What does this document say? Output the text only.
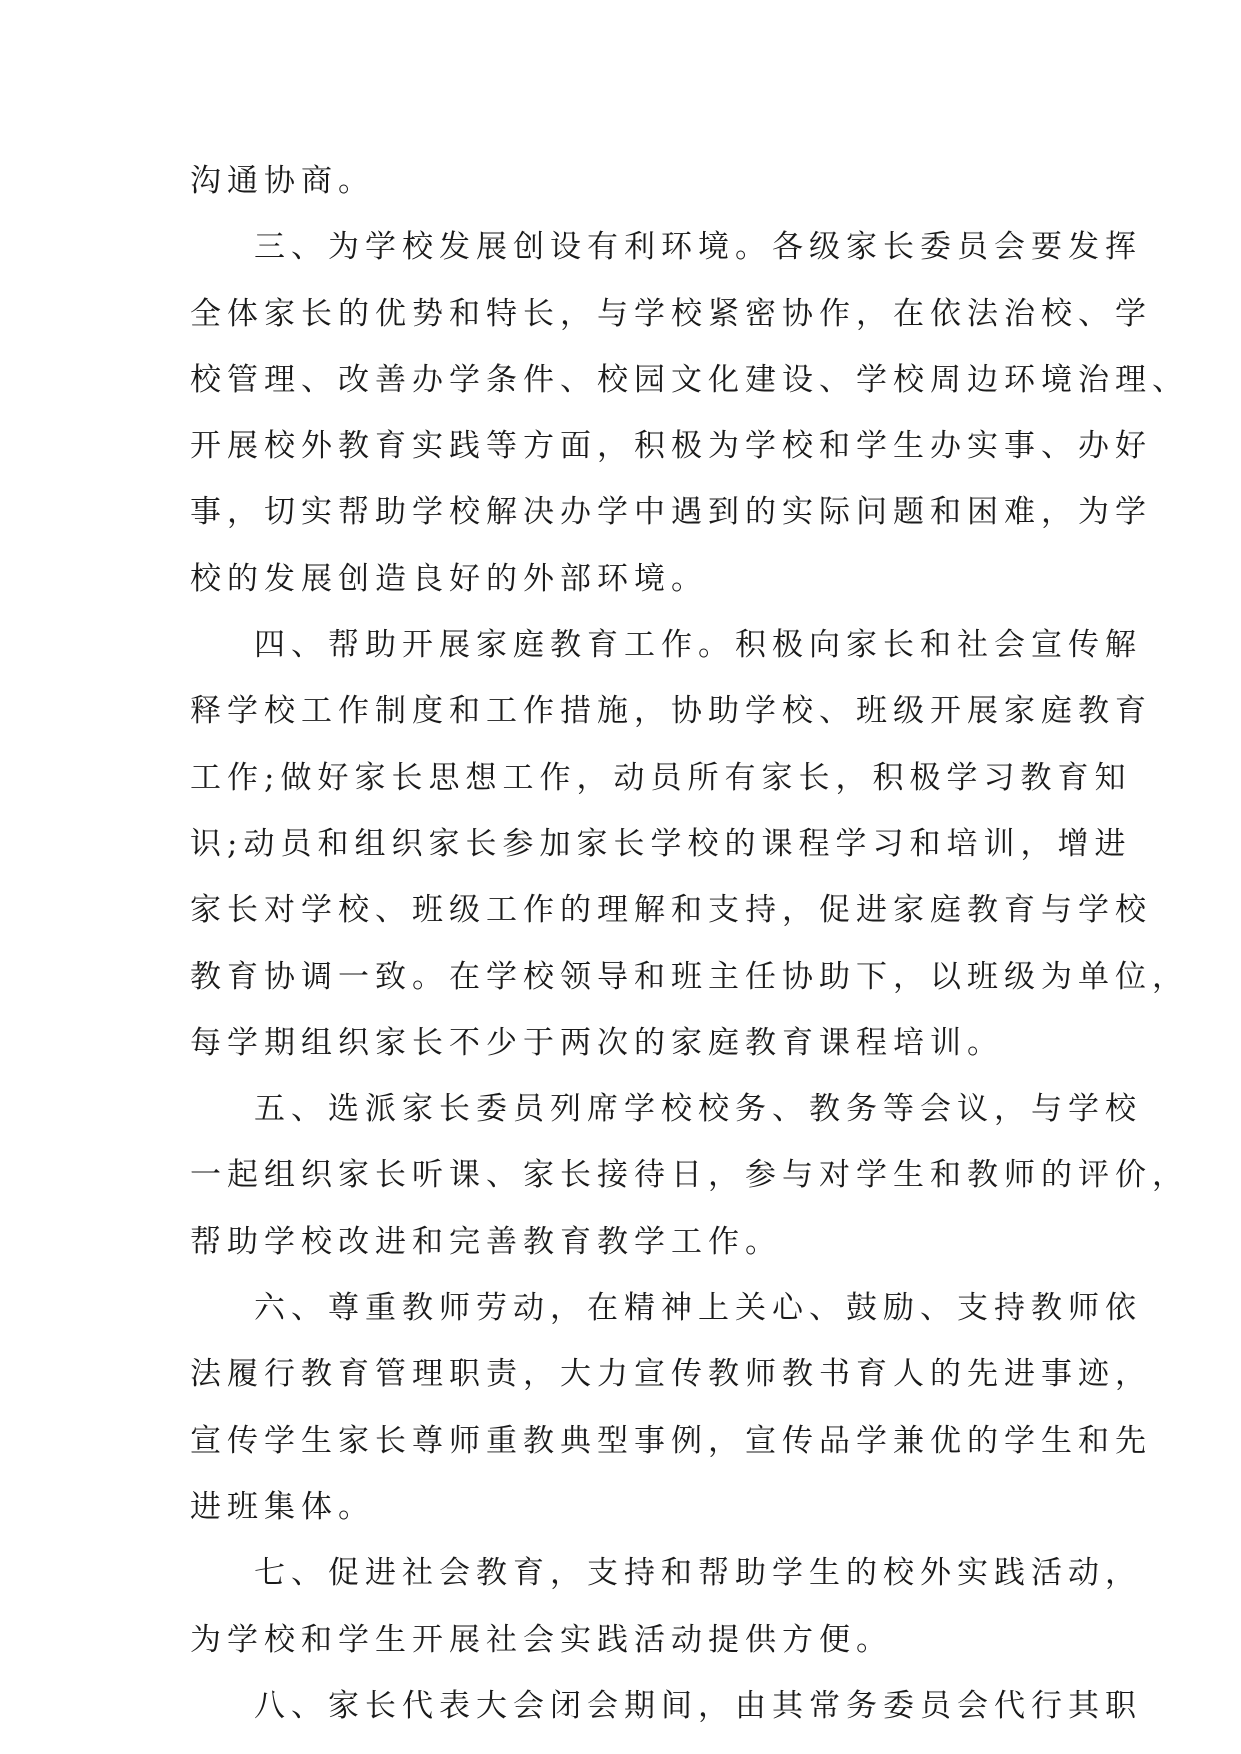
沟通协商。
三、为学校发展创设有利环境。各级家长委员会要发挥
全体家长的优势和特长，与学校紧密协作，在依法治校、学
校管理、改善办学条件、校园文化建设、学校周边环境治理、
开展校外教育实践等方面，积极为学校和学生办实事、办好
事，切实帮助学校解决办学中遇到的实际问题和困难，为学
校的发展创造良好的外部环境。
四、帮助开展家庭教育工作。积极向家长和社会宣传解
释学校工作制度和工作措施，协助学校、班级开展家庭教育
工作;做好家长思想工作，动员所有家长，积极学习教育知
识;动员和组织家长参加家长学校的课程学习和培训，增进
家长对学校、班级工作的理解和支持，促进家庭教育与学校
教育协调一致。在学校领导和班主任协助下，以班级为单位，
每学期组织家长不少于两次的家庭教育课程培训。
五、选派家长委员列席学校校务、教务等会议，与学校
一起组织家长听课、家长接待日，参与对学生和教师的评价，
帮助学校改进和完善教育教学工作。
六、尊重教师劳动，在精神上关心、鼓励、支持教师依
法履行教育管理职责，大力宣传教师教书育人的先进事迹，
宣传学生家长尊师重教典型事例，宣传品学兼优的学生和先
进班集体。
七、促进社会教育，支持和帮助学生的校外实践活动，
为学校和学生开展社会实践活动提供方便。
八、家长代表大会闭会期间，由其常务委员会代行其职
